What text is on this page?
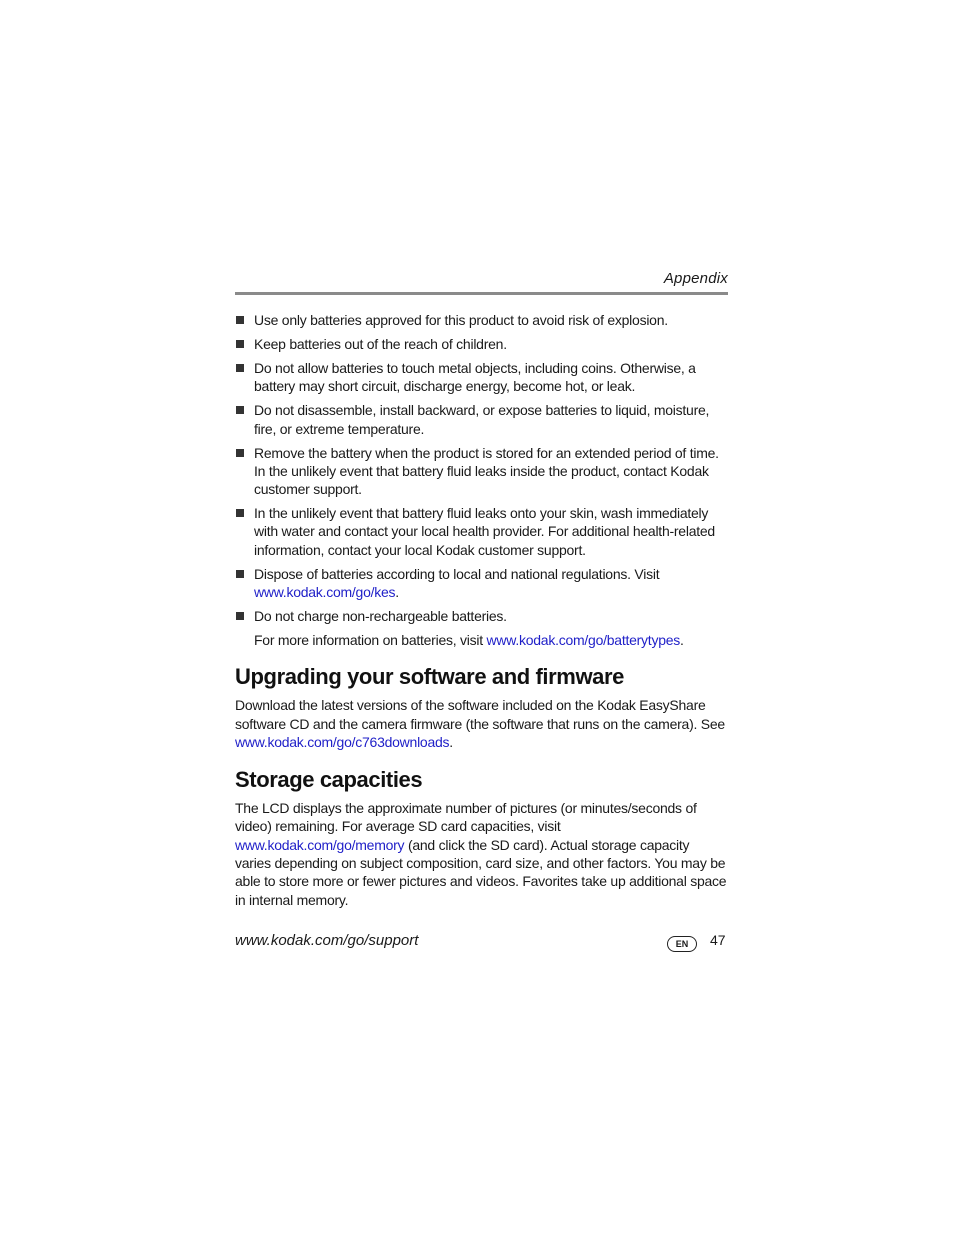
Appendix
Use only batteries approved for this product to avoid risk of explosion.
Keep batteries out of the reach of children.
Do not allow batteries to touch metal objects, including coins. Otherwise, a battery may short circuit, discharge energy, become hot, or leak.
Do not disassemble, install backward, or expose batteries to liquid, moisture, fire, or extreme temperature.
Remove the battery when the product is stored for an extended period of time. In the unlikely event that battery fluid leaks inside the product, contact Kodak customer support.
In the unlikely event that battery fluid leaks onto your skin, wash immediately with water and contact your local health provider. For additional health-related information, contact your local Kodak customer support.
Dispose of batteries according to local and national regulations. Visit www.kodak.com/go/kes.
Do not charge non-rechargeable batteries.

For more information on batteries, visit www.kodak.com/go/batterytypes.

Upgrading your software and firmware

Download the latest versions of the software included on the Kodak EasyShare software CD and the camera firmware (the software that runs on the camera). See www.kodak.com/go/c763downloads.

Storage capacities

The LCD displays the approximate number of pictures (or minutes/seconds of video) remaining. For average SD card capacities, visit www.kodak.com/go/memory (and click the SD card). Actual storage capacity varies depending on subject composition, card size, and other factors. You may be able to store more or fewer pictures and videos. Favorites take up additional space in internal memory.

www.kodak.com/go/support	EN	47
